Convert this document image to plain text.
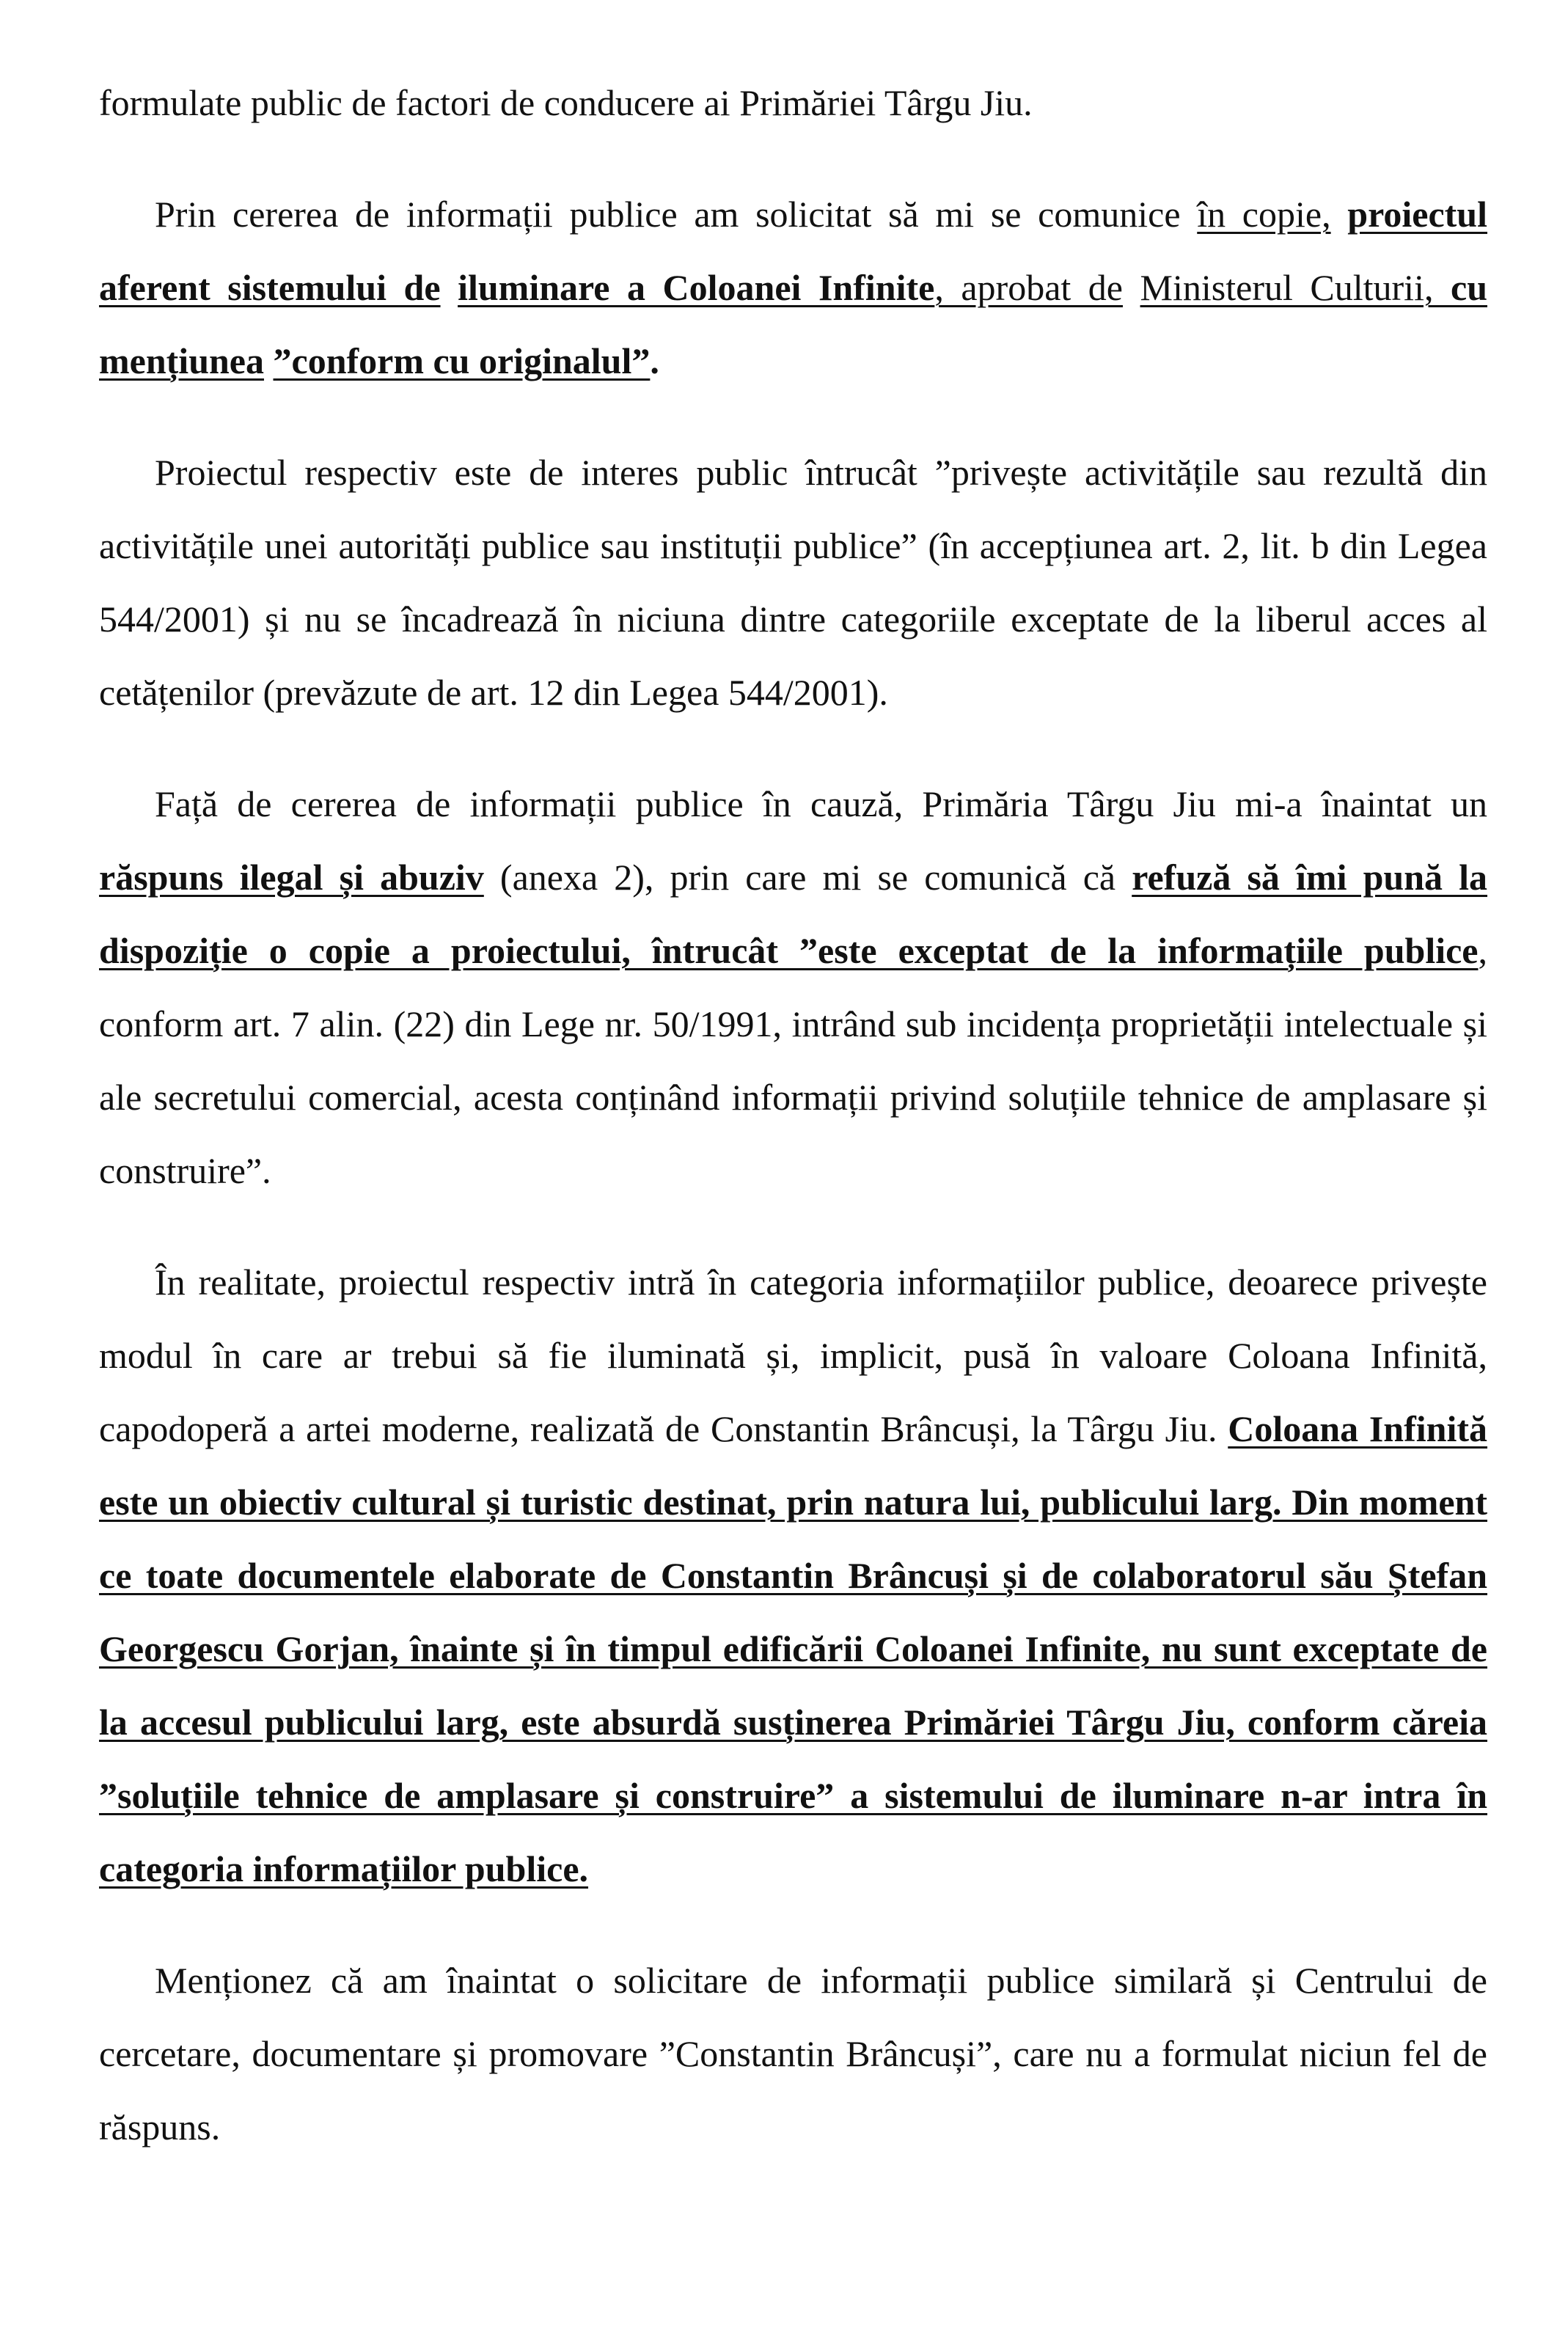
formulate public de factori de conducere ai Primăriei Târgu Jiu.

Prin cererea de informații publice am solicitat să mi se comunice în copie, proiectul aferent sistemului de iluminare a Coloanei Infinite, aprobat de Ministerul Culturii, cu mențiunea ”conform cu originalul”.

Proiectul respectiv este de interes public întrucât ”privește activitățile sau rezultă din activitățile unei autorități publice sau instituții publice” (în accepțiunea art. 2, lit. b din Legea 544/2001) și nu se încadrează în niciuna dintre categoriile exceptate de la liberul acces al cetățenilor (prevăzute de art. 12 din Legea 544/2001).

Față de cererea de informații publice în cauză, Primăria Târgu Jiu mi-a înaintat un răspuns ilegal și abuziv (anexa 2), prin care mi se comunică că refuză să îmi pună la dispoziție o copie a proiectului, întrucât ”este exceptat de la informațiile publice, conform art. 7 alin. (22) din Lege nr. 50/1991, intrând sub incidența proprietății intelectuale și ale secretului comercial, acesta conținând informații privind soluțiile tehnice de amplasare și construire”.

În realitate, proiectul respectiv intră în categoria informațiilor publice, deoarece privește modul în care ar trebui să fie iluminată și, implicit, pusă în valoare Coloana Infinită, capodoperă a artei moderne, realizată de Constantin Brâncuși, la Târgu Jiu. Coloana Infinită este un obiectiv cultural și turistic destinat, prin natura lui, publicului larg. Din moment ce toate documentele elaborate de Constantin Brâncuși și de colaboratorul său Ștefan Georgescu Gorjan, înainte și în timpul edificării Coloanei Infinite, nu sunt exceptate de la accesul publicului larg, este absurdă susținerea Primăriei Târgu Jiu, conform căreia ”soluțiile tehnice de amplasare și construire” a sistemului de iluminare n-ar intra în categoria informațiilor publice.

Menționez că am înaintat o solicitare de informații publice similară și Centrului de cercetare, documentare și promovare ”Constantin Brâncuși”, care nu a formulat niciun fel de răspuns.
